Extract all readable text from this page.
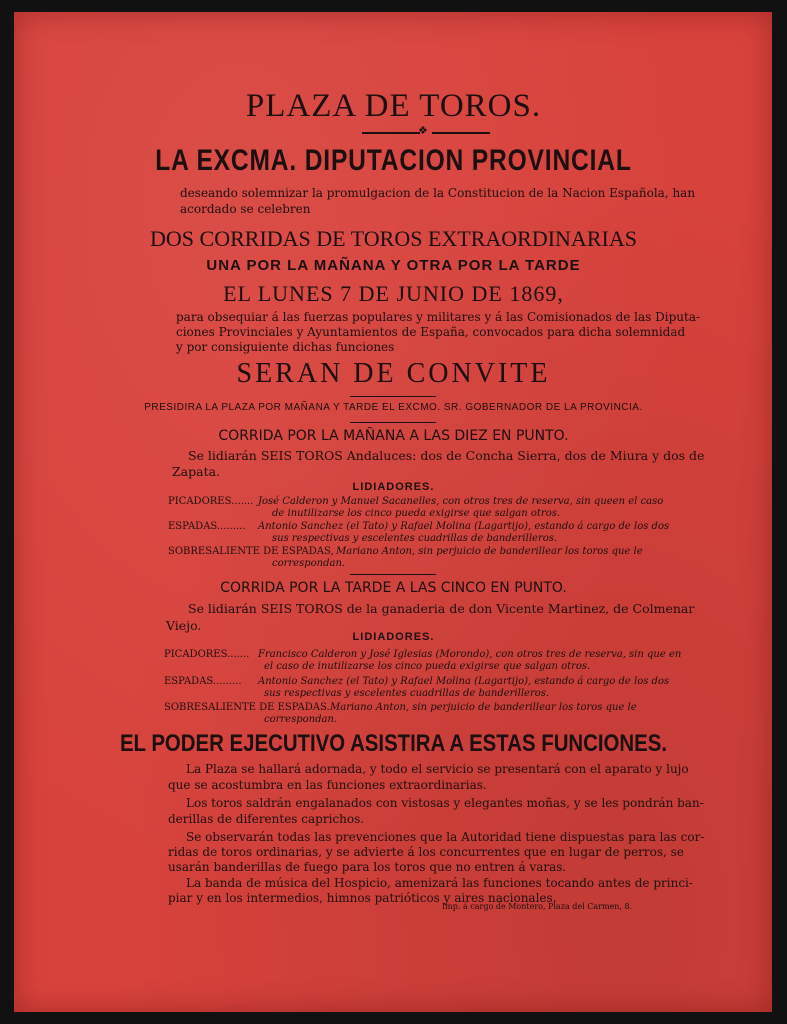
PLAZA DE TOROS.
❖
LA EXCMA. DIPUTACION PROVINCIAL
deseando solemnizar la promulgacion de la Constitucion de la Nacion Española, han
acordado se celebren
DOS CORRIDAS DE TOROS EXTRAORDINARIAS
UNA POR LA MAÑANA Y OTRA POR LA TARDE
EL LUNES 7 DE JUNIO DE 1869,
para obsequiar á las fuerzas populares y militares y á las Comisionados de las Diputa-
ciones Provinciales y Ayuntamientos de España, convocados para dicha solemnidad
y por consiguiente dichas funciones
SERAN DE CONVITE
PRESIDIRA LA PLAZA POR MAÑANA Y TARDE EL EXCMO. SR. GOBERNADOR DE LA PROVINCIA.
CORRIDA POR LA MAÑANA A LAS DIEZ EN PUNTO.
Se lidiarán SEIS TOROS Andaluces: dos de Concha Sierra, dos de Miura y dos de
Zapata.
LIDIADORES.
PICADORES....... José Calderon y Manuel Sacanelles, con otros tres de reserva, sin queen el caso
de inutilizarse los cinco pueda exigirse que salgan otros.
ESPADAS......... Antonio Sanchez (el Tato) y Rafael Molina (Lagartijo), estando á cargo de los dos
sus respectivas y escelentes cuadrillas de banderilleros.
SOBRESALIENTE DE ESPADAS, Mariano Anton, sin perjuicio de banderillear los toros que le
correspondan.
CORRIDA POR LA TARDE A LAS CINCO EN PUNTO.
Se lidiarán SEIS TOROS de la ganaderia de don Vicente Martinez, de Colmenar
Viejo.
LIDIADORES.
PICADORES....... Francisco Calderon y José Iglesias (Morondo), con otros tres de reserva, sin que en
el caso de inutilizarse los cinco pueda exigirse que salgan otros.
ESPADAS......... Antonio Sanchez (el Tato) y Rafael Molina (Lagartijo), estando á cargo de los dos
sus respectivas y escelentes cuadrillas de banderilleros.
SOBRESALIENTE DE ESPADAS. Mariano Anton, sin perjuicio de banderillear los toros que le
correspondan.
EL PODER EJECUTIVO ASISTIRA A ESTAS FUNCIONES.
La Plaza se hallará adornada, y todo el servicio se presentará con el aparato y lujo
que se acostumbra en las funciones extraordinarias.
Los toros saldrán engalanados con vistosas y elegantes moñas, y se les pondrán ban-
derillas de diferentes caprichos.
Se observarán todas las prevenciones que la Autoridad tiene dispuestas para las cor-
ridas de toros ordinarias, y se advierte á los concurrentes que en lugar de perros, se
usarán banderillas de fuego para los toros que no entren á varas.
La banda de música del Hospicio, amenizará las funciones tocando antes de princi-
piar y en los intermedios, himnos patrióticos y aires nacionales.
Imp. á cargo de Montero, Plaza del Carmen, 8.
